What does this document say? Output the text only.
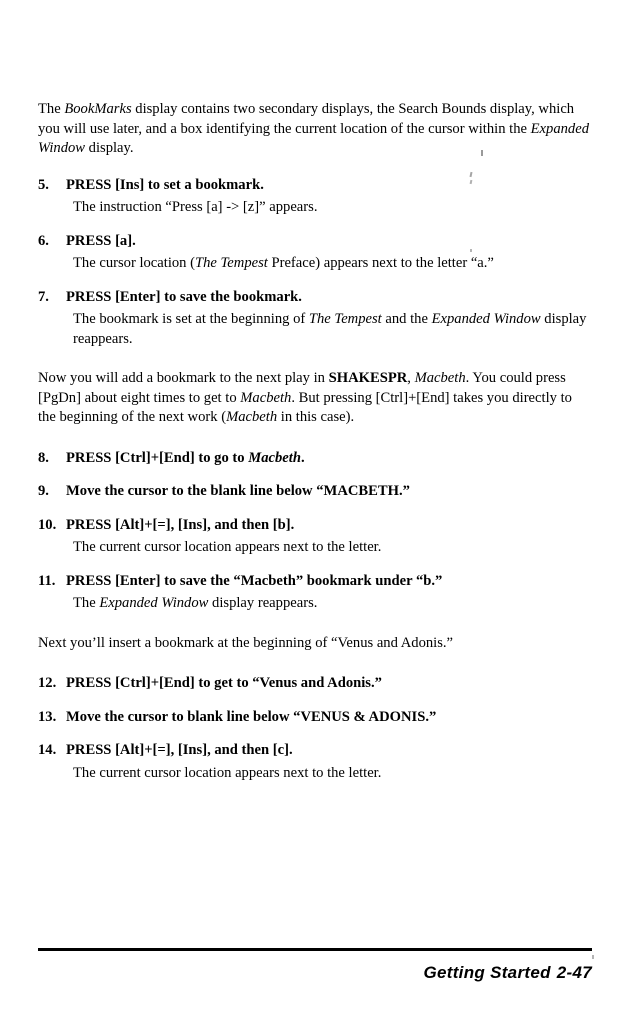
The BookMarks display contains two secondary displays, the Search Bounds display, which you will use later, and a box identifying the current location of the cursor within the Expanded Window display.

5.	PRESS [Ins] to set a bookmark.
The instruction “Press [a] -> [z]” appears.
6.	PRESS [a].
The cursor location (The Tempest Preface) appears next to the letter “a.”
7.	PRESS [Enter] to save the bookmark.
The bookmark is set at the beginning of The Tempest and the Expanded Window display reappears.

Now you will add a bookmark to the next play in SHAKESPR, Macbeth. You could press [PgDn] about eight times to get to Macbeth. But pressing [Ctrl]+[End] takes you directly to the beginning of the next work (Macbeth in this case).

8.	PRESS [Ctrl]+[End] to go to Macbeth.
9.	Move the cursor to the blank line below “MACBETH.”
10. PRESS [Alt]+[=], [Ins], and then [b].
The current cursor location appears next to the letter.
11. PRESS [Enter] to save the “Macbeth” bookmark under “b.”
The Expanded Window display reappears.

Next you’ll insert a bookmark at the beginning of “Venus and Adonis.”

12. PRESS [Ctrl]+[End] to get to “Venus and Adonis.”
13. Move the cursor to blank line below “VENUS & ADONIS.”
14. PRESS [Alt]+[=], [Ins], and then [c].
The current cursor location appears next to the letter.
Getting Started 2-47
